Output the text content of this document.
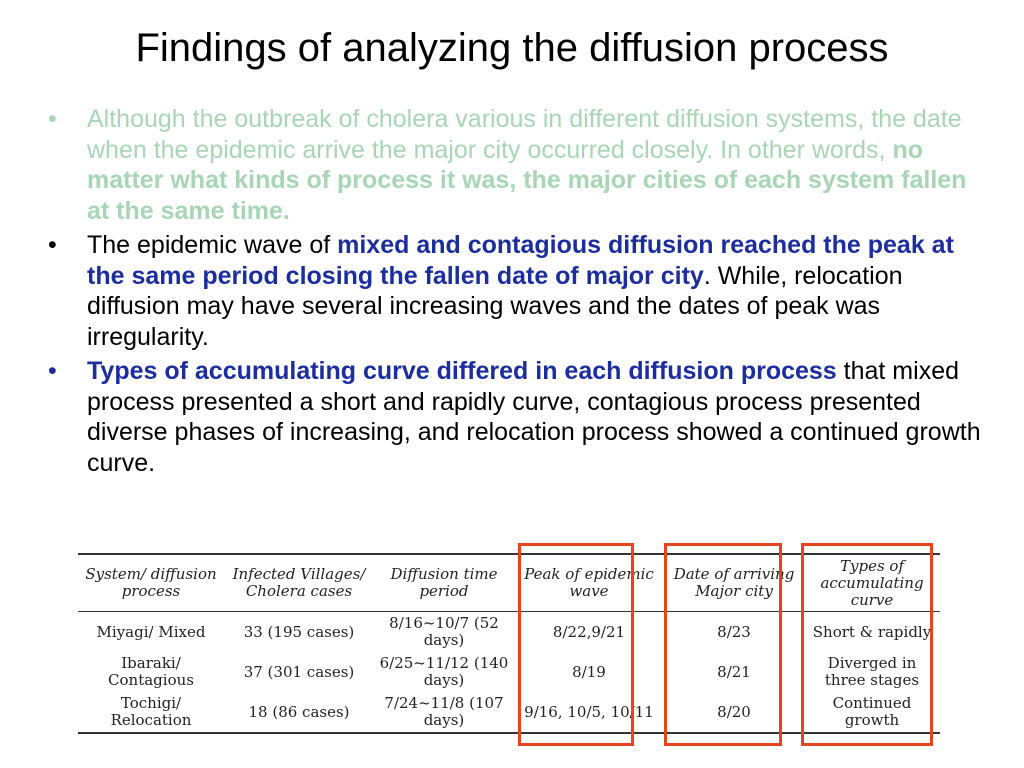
Findings of analyzing the diffusion process
• Although the outbreak of cholera various in different diffusion systems, the date when the epidemic arrive the major city occurred closely. In other words, no matter what kinds of process it was, the major cities of each system fallen at the same time.
• The epidemic wave of mixed and contagious diffusion reached the peak at the same period closing the fallen date of major city. While, relocation diffusion may have several increasing waves and the dates of peak was irregularity.
• Types of accumulating curve differed in each diffusion process that mixed process presented a short and rapidly curve, contagious process presented diverse phases of increasing, and relocation process showed a continued growth curve.
System/ diffusion process	Infected Villages/ Cholera cases	Diffusion time period	Peak of epidemic wave	Date of arriving Major city	Types of accumulating curve
Miyagi/ Mixed	33 (195 cases)	8/16~10/7 (52 days)	8/22,9/21	8/23	Short & rapidly
Ibaraki/ Contagious	37 (301 cases)	6/25~11/12 (140 days)	8/19	8/21	Diverged in three stages
Tochigi/ Relocation	18 (86 cases)	7/24~11/8 (107 days)	9/16, 10/5, 10/11	8/20	Continued growth
